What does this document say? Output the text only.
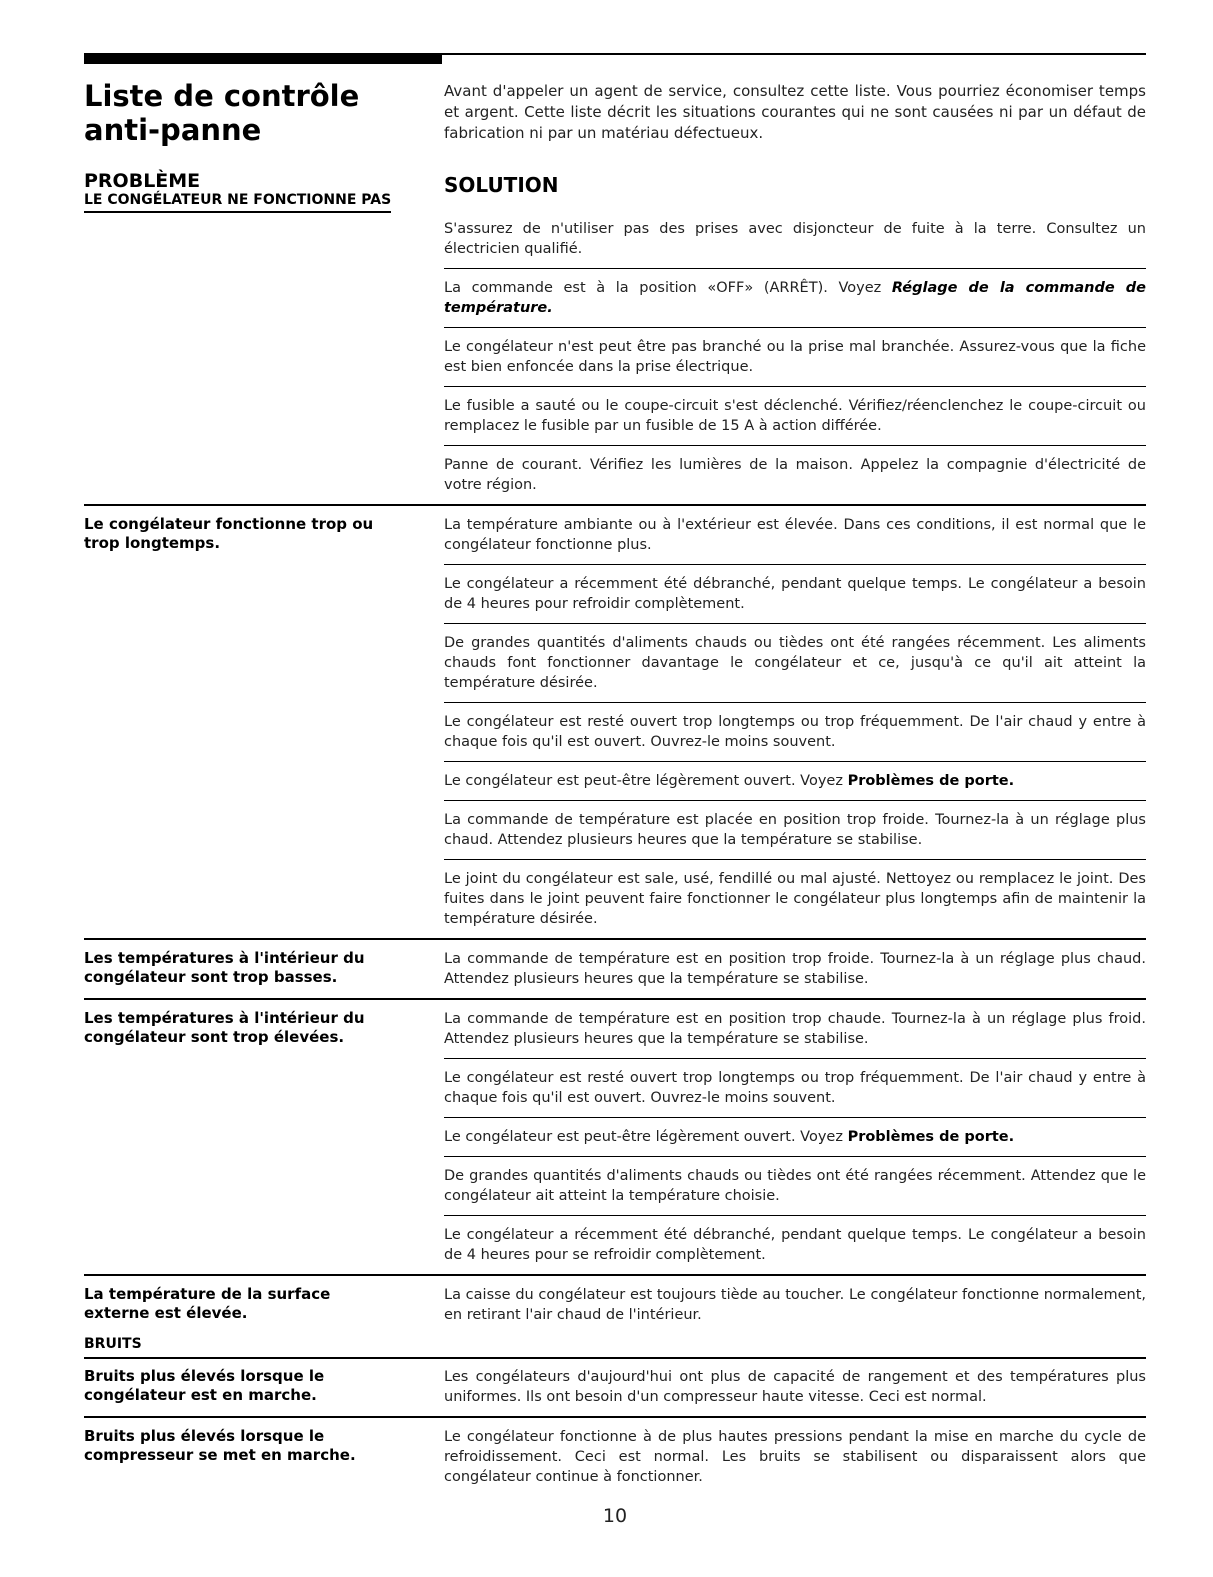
Liste de contrôle anti-panne
Avant d'appeler un agent de service, consultez cette liste. Vous pourriez économiser temps et argent. Cette liste décrit les situations courantes qui ne sont causées ni par un défaut de fabrication ni par un matériau défectueux.
PROBLÈME	SOLUTION
LE CONGÉLATEUR NE FONCTIONNE PAS
S'assurez de n'utiliser pas des prises avec disjoncteur de fuite à la terre. Consultez un électricien qualifié.
La commande est à la position «OFF» (ARRÊT). Voyez Réglage de la commande de température.
Le congélateur n'est peut être pas branché ou la prise mal branchée. Assurez-vous que la fiche est bien enfoncée dans la prise électrique.
Le fusible a sauté ou le coupe-circuit s'est déclenché. Vérifiez/réenclenchez le coupe-circuit ou remplacez le fusible par un fusible de 15 A à action différée.
Panne de courant. Vérifiez les lumières de la maison. Appelez la compagnie d'électricité de votre région.
Le congélateur fonctionne trop ou trop longtemps.
La température ambiante ou à l'extérieur est élevée. Dans ces conditions, il est normal que le congélateur fonctionne plus.
Le congélateur a récemment été débranché, pendant quelque temps. Le congélateur a besoin de 4 heures pour refroidir complètement.
De grandes quantités d'aliments chauds ou tièdes ont été rangées récemment. Les aliments chauds font fonctionner davantage le congélateur et ce, jusqu'à ce qu'il ait atteint la température désirée.
Le congélateur est resté ouvert trop longtemps ou trop fréquemment. De l'air chaud y entre à chaque fois qu'il est ouvert. Ouvrez-le moins souvent.
Le congélateur est peut-être légèrement ouvert. Voyez Problèmes de porte.
La commande de température est placée en position trop froide. Tournez-la à un réglage plus chaud. Attendez plusieurs heures que la température se stabilise.
Le joint du congélateur est sale, usé, fendillé ou mal ajusté. Nettoyez ou remplacez le joint. Des fuites dans le joint peuvent faire fonctionner le congélateur plus longtemps afin de maintenir la température désirée.
Les températures à l'intérieur du congélateur sont trop basses.
La commande de température est en position trop froide. Tournez-la à un réglage plus chaud. Attendez plusieurs heures que la température se stabilise.
Les températures à l'intérieur du congélateur sont trop élevées.
La commande de température est en position trop chaude. Tournez-la à un réglage plus froid. Attendez plusieurs heures que la température se stabilise.
Le congélateur est resté ouvert trop longtemps ou trop fréquemment. De l'air chaud y entre à chaque fois qu'il est ouvert. Ouvrez-le moins souvent.
Le congélateur est peut-être légèrement ouvert. Voyez Problèmes de porte.
De grandes quantités d'aliments chauds ou tièdes ont été rangées récemment. Attendez que le congélateur ait atteint la température choisie.
Le congélateur a récemment été débranché, pendant quelque temps. Le congélateur a besoin de 4 heures pour se refroidir complètement.
La température de la surface externe est élevée.
La caisse du congélateur est toujours tiède au toucher. Le congélateur fonctionne normalement, en retirant l'air chaud de l'intérieur.
BRUITS
Bruits plus élevés lorsque le congélateur est en marche.
Les congélateurs d'aujourd'hui ont plus de capacité de rangement et des températures plus uniformes. Ils ont besoin d'un compresseur haute vitesse. Ceci est normal.
Bruits plus élevés lorsque le compresseur se met en marche.
Le congélateur fonctionne à de plus hautes pressions pendant la mise en marche du cycle de refroidissement. Ceci est normal. Les bruits se stabilisent ou disparaissent alors que congélateur continue à fonctionner.
10
